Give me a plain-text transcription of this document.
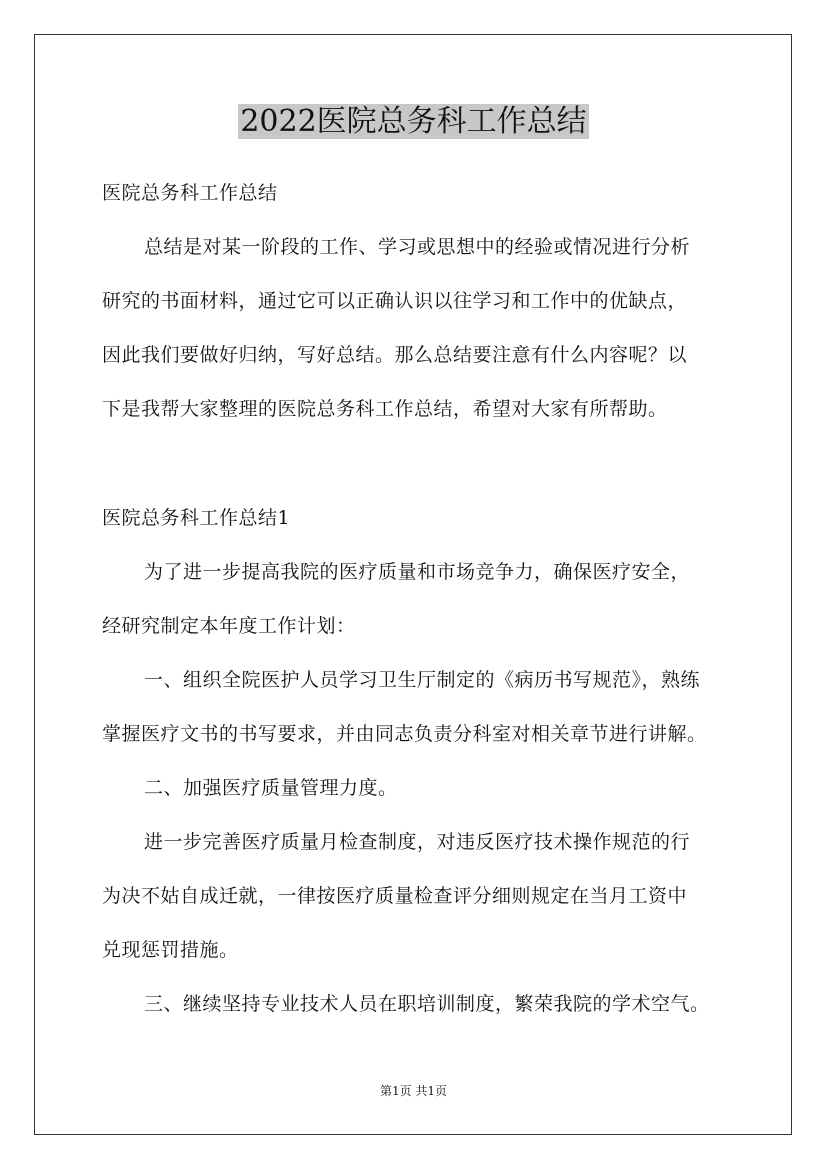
2022医院总务科工作总结
医院总务科工作总结
总结是对某一阶段的工作、学习或思想中的经验或情况进行分析
研究的书面材料，通过它可以正确认识以往学习和工作中的优缺点，
因此我们要做好归纳，写好总结。那么总结要注意有什么内容呢？以
下是我帮大家整理的医院总务科工作总结，希望对大家有所帮助。
医院总务科工作总结1
为了进一步提高我院的医疗质量和市场竞争力，确保医疗安全，
经研究制定本年度工作计划：
一、组织全院医护人员学习卫生厅制定的《病历书写规范》，熟练
掌握医疗文书的书写要求，并由同志负责分科室对相关章节进行讲解。
二、加强医疗质量管理力度。
进一步完善医疗质量月检查制度，对违反医疗技术操作规范的行
为决不姑自成迁就，一律按医疗质量检查评分细则规定在当月工资中
兑现惩罚措施。
三、继续坚持专业技术人员在职培训制度，繁荣我院的学术空气。
第1页 共1页
